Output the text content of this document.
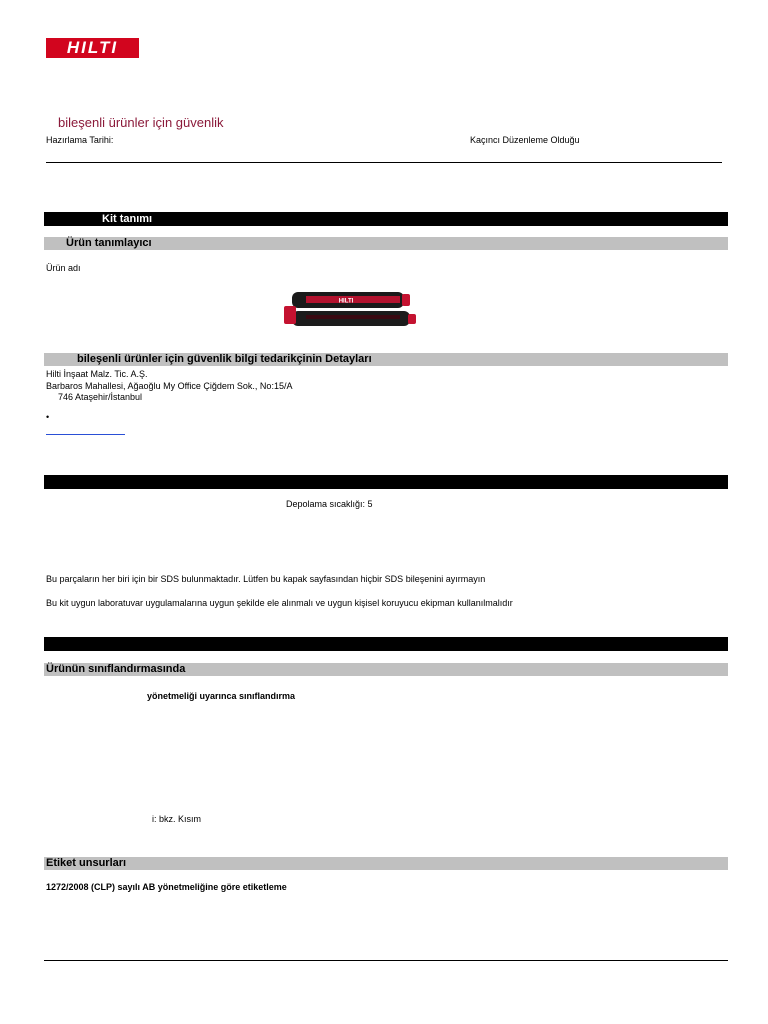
HILTI
bileşenli ürünler için güvenlik
Hazırlama Tarihi:	Kaçıncı Düzenleme Olduğu
Kit tanımı
Ürün tanımlayıcı
Ürün adı
HILTI
bileşenli ürünler için güvenlik bilgi tedarikçinin Detayları
Hilti İnşaat Malz. Tic. A.Ş.
Barbaros Mahallesi, Ağaoğlu My Office Çiğdem Sok., No:15/A
746 Ataşehir/İstanbul
•
Depolama sıcaklığı: 5
Bu parçaların her biri için bir SDS bulunmaktadır. Lütfen bu kapak sayfasından hiçbir SDS bileşenini ayırmayın
Bu kit uygun laboratuvar uygulamalarına uygun şekilde ele alınmalı ve uygun kişisel koruyucu ekipman kullanılmalıdır
Ürünün sınıflandırmasında
yönetmeliği uyarınca sınıflandırma
i: bkz. Kısım
Etiket unsurları
1272/2008 (CLP) sayılı AB yönetmeliğine göre etiketleme
